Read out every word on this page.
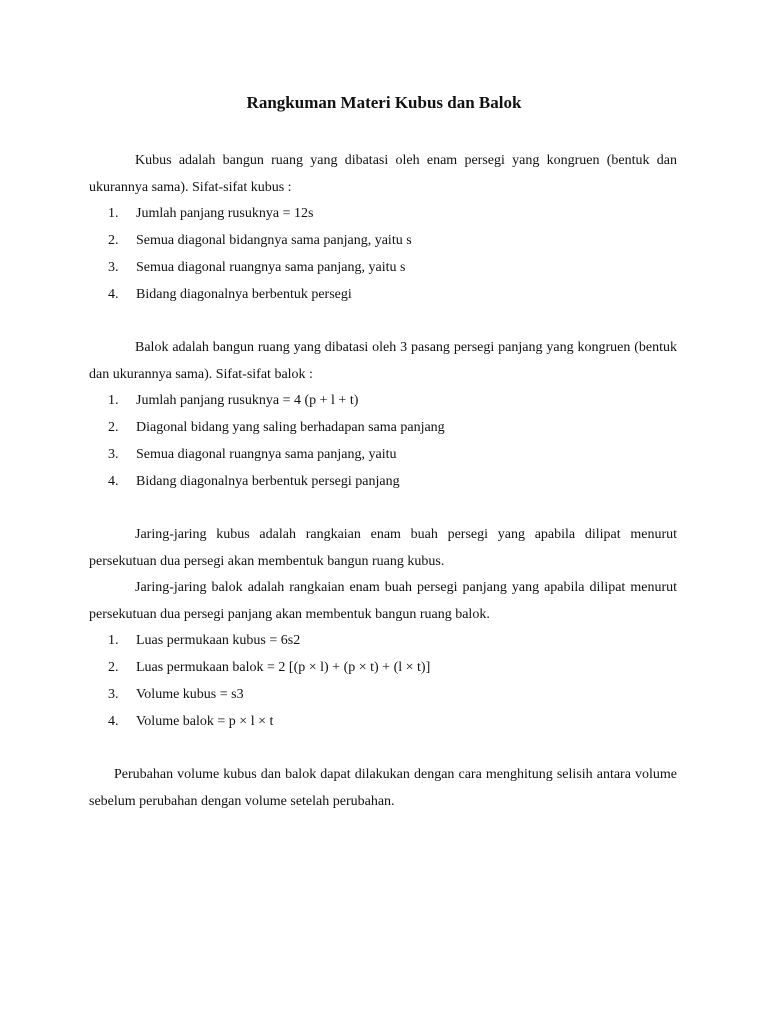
Rangkuman Materi Kubus dan Balok

Kubus adalah bangun ruang yang dibatasi oleh enam persegi yang kongruen (bentuk dan ukurannya sama). Sifat-sifat kubus :

1. Jumlah panjang rusuknya = 12s
2. Semua diagonal bidangnya sama panjang, yaitu s
3. Semua diagonal ruangnya sama panjang, yaitu s
4. Bidang diagonalnya berbentuk persegi

Balok adalah bangun ruang yang dibatasi oleh 3 pasang persegi panjang yang kongruen (bentuk dan ukurannya sama). Sifat-sifat balok :

1. Jumlah panjang rusuknya = 4 (p + l + t)
2. Diagonal bidang yang saling berhadapan sama panjang
3. Semua diagonal ruangnya sama panjang, yaitu
4. Bidang diagonalnya berbentuk persegi panjang

Jaring-jaring kubus adalah rangkaian enam buah persegi yang apabila dilipat menurut persekutuan dua persegi akan membentuk bangun ruang kubus.

Jaring-jaring balok adalah rangkaian enam buah persegi panjang yang apabila dilipat menurut persekutuan dua persegi panjang akan membentuk bangun ruang balok.

1. Luas permukaan kubus = 6s2
2. Luas permukaan balok = 2 [(p × l) + (p × t) + (l × t)]
3. Volume kubus = s3
4. Volume balok = p × l × t

Perubahan volume kubus dan balok dapat dilakukan dengan cara menghitung selisih antara volume sebelum perubahan dengan volume setelah perubahan.
